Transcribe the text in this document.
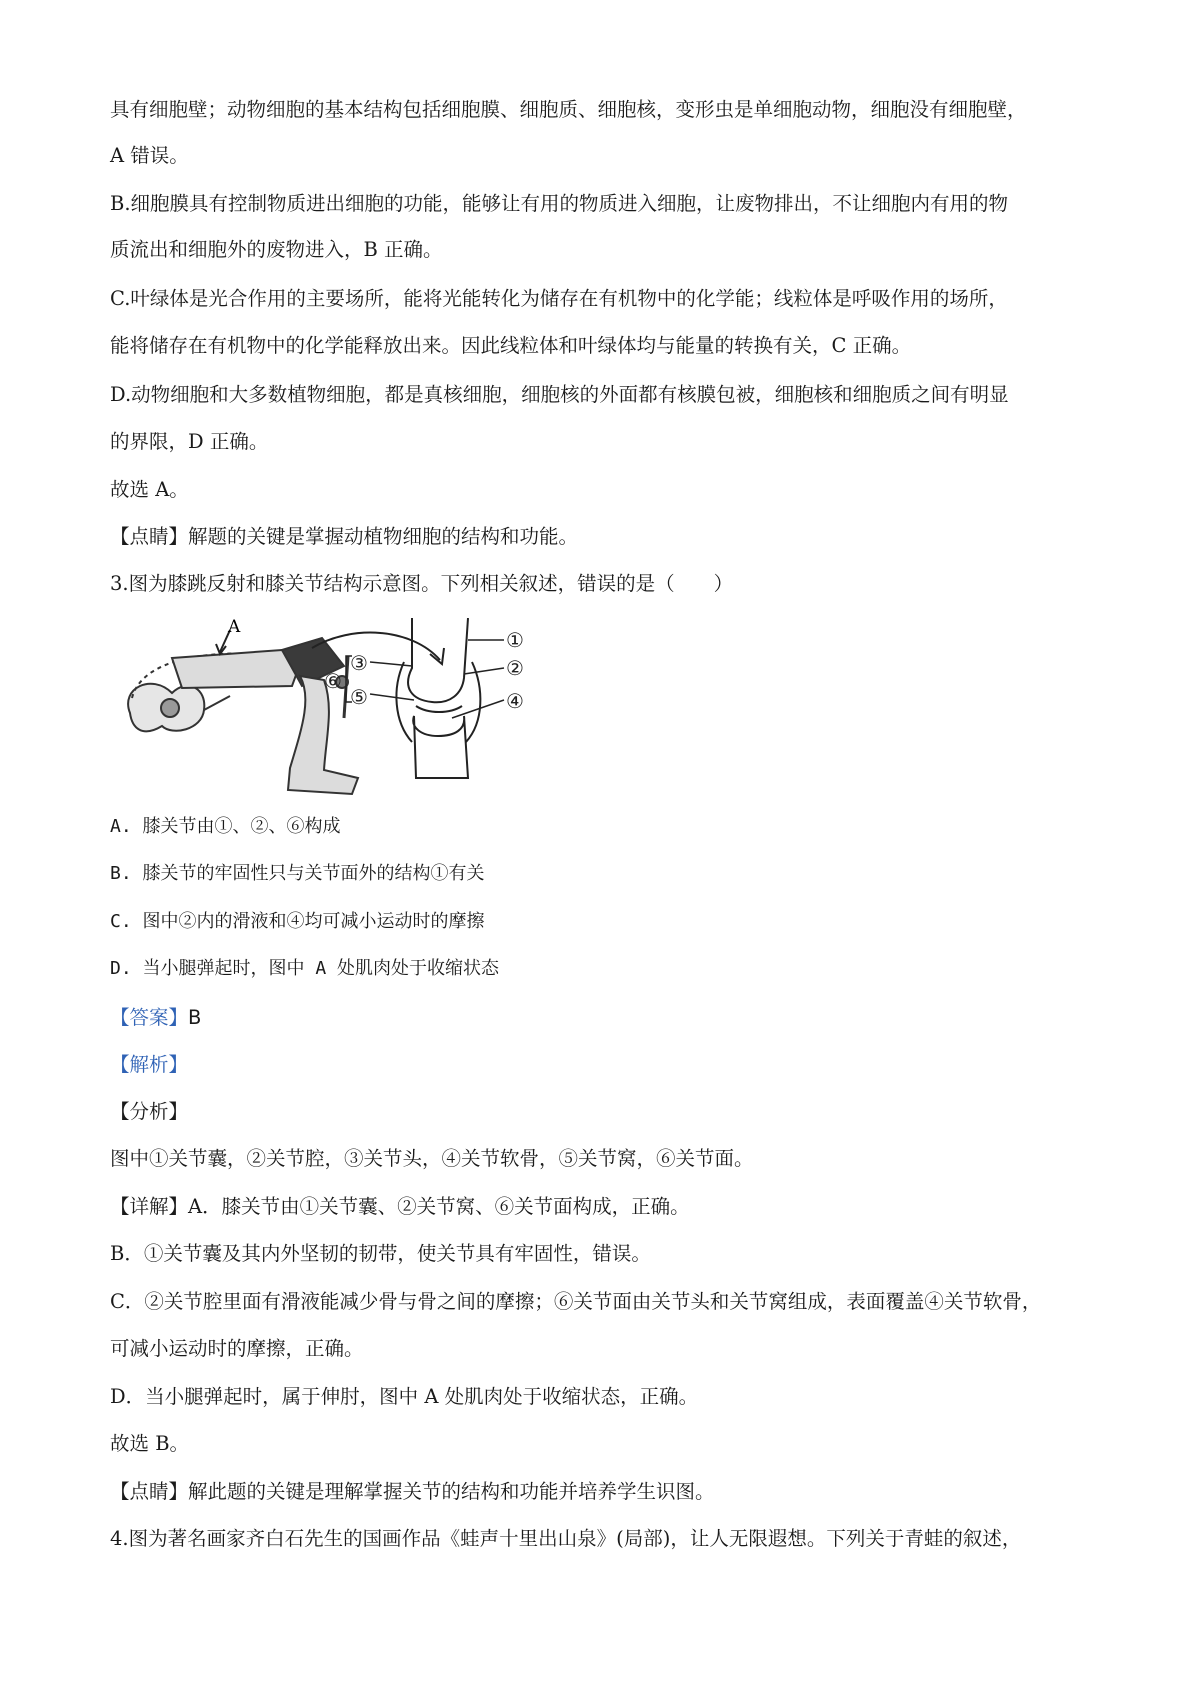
具有细胞壁；动物细胞的基本结构包括细胞膜、细胞质、细胞核，变形虫是单细胞动物，细胞没有细胞壁，
A 错误。
B.细胞膜具有控制物质进出细胞的功能，能够让有用的物质进入细胞，让废物排出，不让细胞内有用的物
质流出和细胞外的废物进入，B 正确。
C.叶绿体是光合作用的主要场所，能将光能转化为储存在有机物中的化学能；线粒体是呼吸作用的场所，
能将储存在有机物中的化学能释放出来。因此线粒体和叶绿体均与能量的转换有关，C 正确。
D.动物细胞和大多数植物细胞，都是真核细胞，细胞核的外面都有核膜包被，细胞核和细胞质之间有明显
的界限，D 正确。
故选 A。
【点睛】解题的关键是掌握动植物细胞的结构和功能。
3.图为膝跳反射和膝关节结构示意图。下列相关叙述，错误的是（　　）
A
①
②
③
④
⑤
⑥
A. 膝关节由①、②、⑥构成
B. 膝关节的牢固性只与关节面外的结构①有关
C. 图中②内的滑液和④均可减小运动时的摩擦
D. 当小腿弹起时，图中 A 处肌肉处于收缩状态
【答案】B
【解析】
【分析】
图中①关节囊，②关节腔，③关节头，④关节软骨，⑤关节窝，⑥关节面。
【详解】A．膝关节由①关节囊、②关节窝、⑥关节面构成，正确。
B．①关节囊及其内外坚韧的韧带，使关节具有牢固性，错误。
C．②关节腔里面有滑液能减少骨与骨之间的摩擦；⑥关节面由关节头和关节窝组成，表面覆盖④关节软骨，
可减小运动时的摩擦，正确。
D．当小腿弹起时，属于伸肘，图中 A 处肌肉处于收缩状态，正确。
故选 B。
【点睛】解此题的关键是理解掌握关节的结构和功能并培养学生识图。
4.图为著名画家齐白石先生的国画作品《蛙声十里出山泉》(局部)，让人无限遐想。下列关于青蛙的叙述，
